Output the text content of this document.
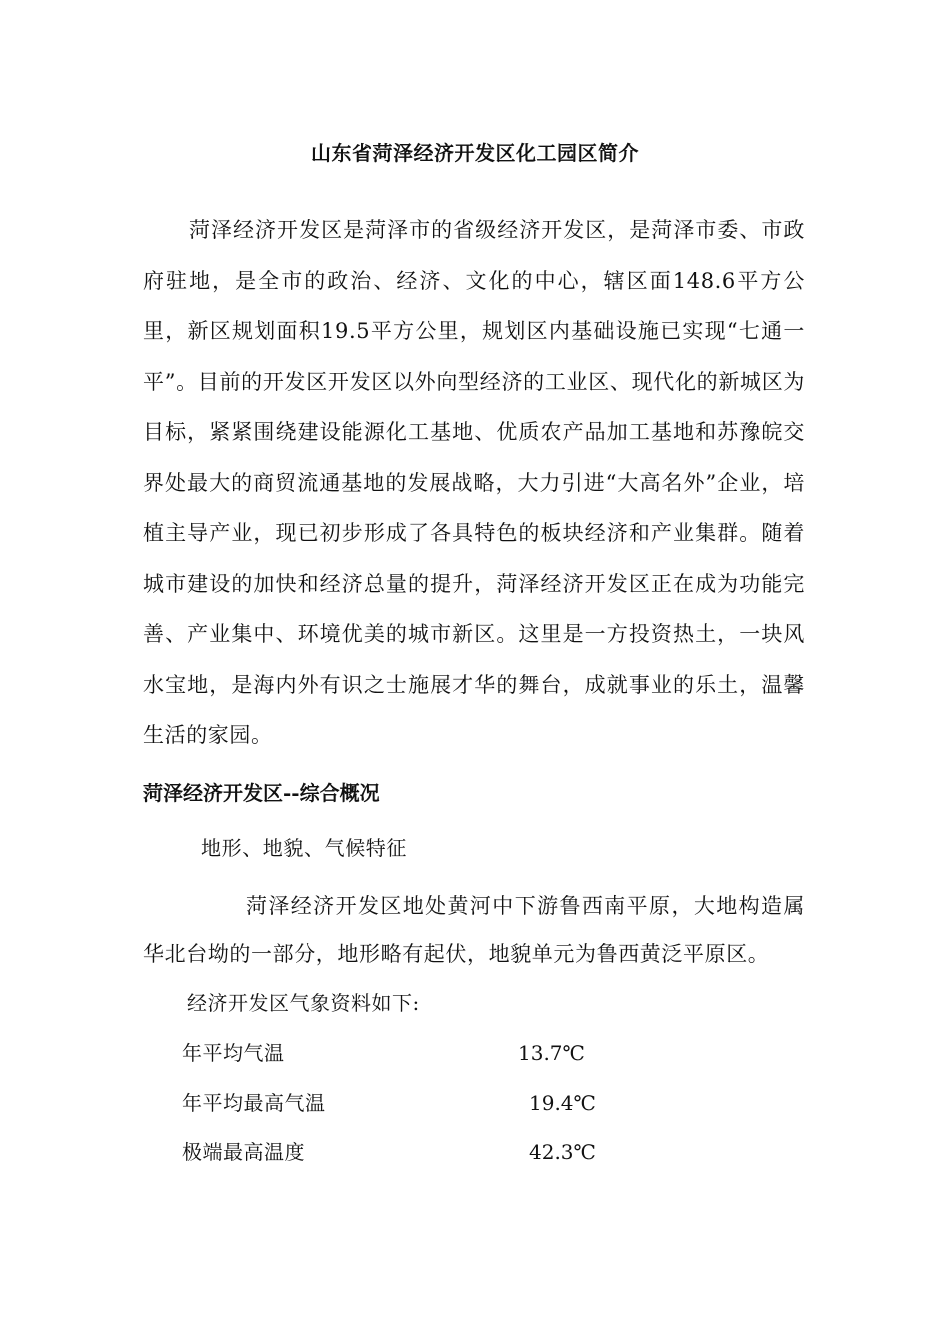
山东省菏泽经济开发区化工园区简介

菏泽经济开发区是菏泽市的省级经济开发区，是菏泽市委、市政府驻地，是全市的政治、经济、文化的中心，辖区面148.6平方公里，新区规划面积19.5平方公里，规划区内基础设施已实现“七通一平”。目前的开发区开发区以外向型经济的工业区、现代化的新城区为目标，紧紧围绕建设能源化工基地、优质农产品加工基地和苏豫皖交界处最大的商贸流通基地的发展战略，大力引进“大高名外”企业，培植主导产业，现已初步形成了各具特色的板块经济和产业集群。随着城市建设的加快和经济总量的提升，菏泽经济开发区正在成为功能完善、产业集中、环境优美的城市新区。这里是一方投资热土，一块风水宝地，是海内外有识之士施展才华的舞台，成就事业的乐土，温馨生活的家园。

菏泽经济开发区--综合概况
地形、地貌、气候特征

菏泽经济开发区地处黄河中下游鲁西南平原，大地构造属华北台坳的一部分，地形略有起伏，地貌单元为鲁西黄泛平原区。

经济开发区气象资料如下:
年平均气温	13.7℃
年平均最高气温	19.4℃
极端最高温度	42.3℃
